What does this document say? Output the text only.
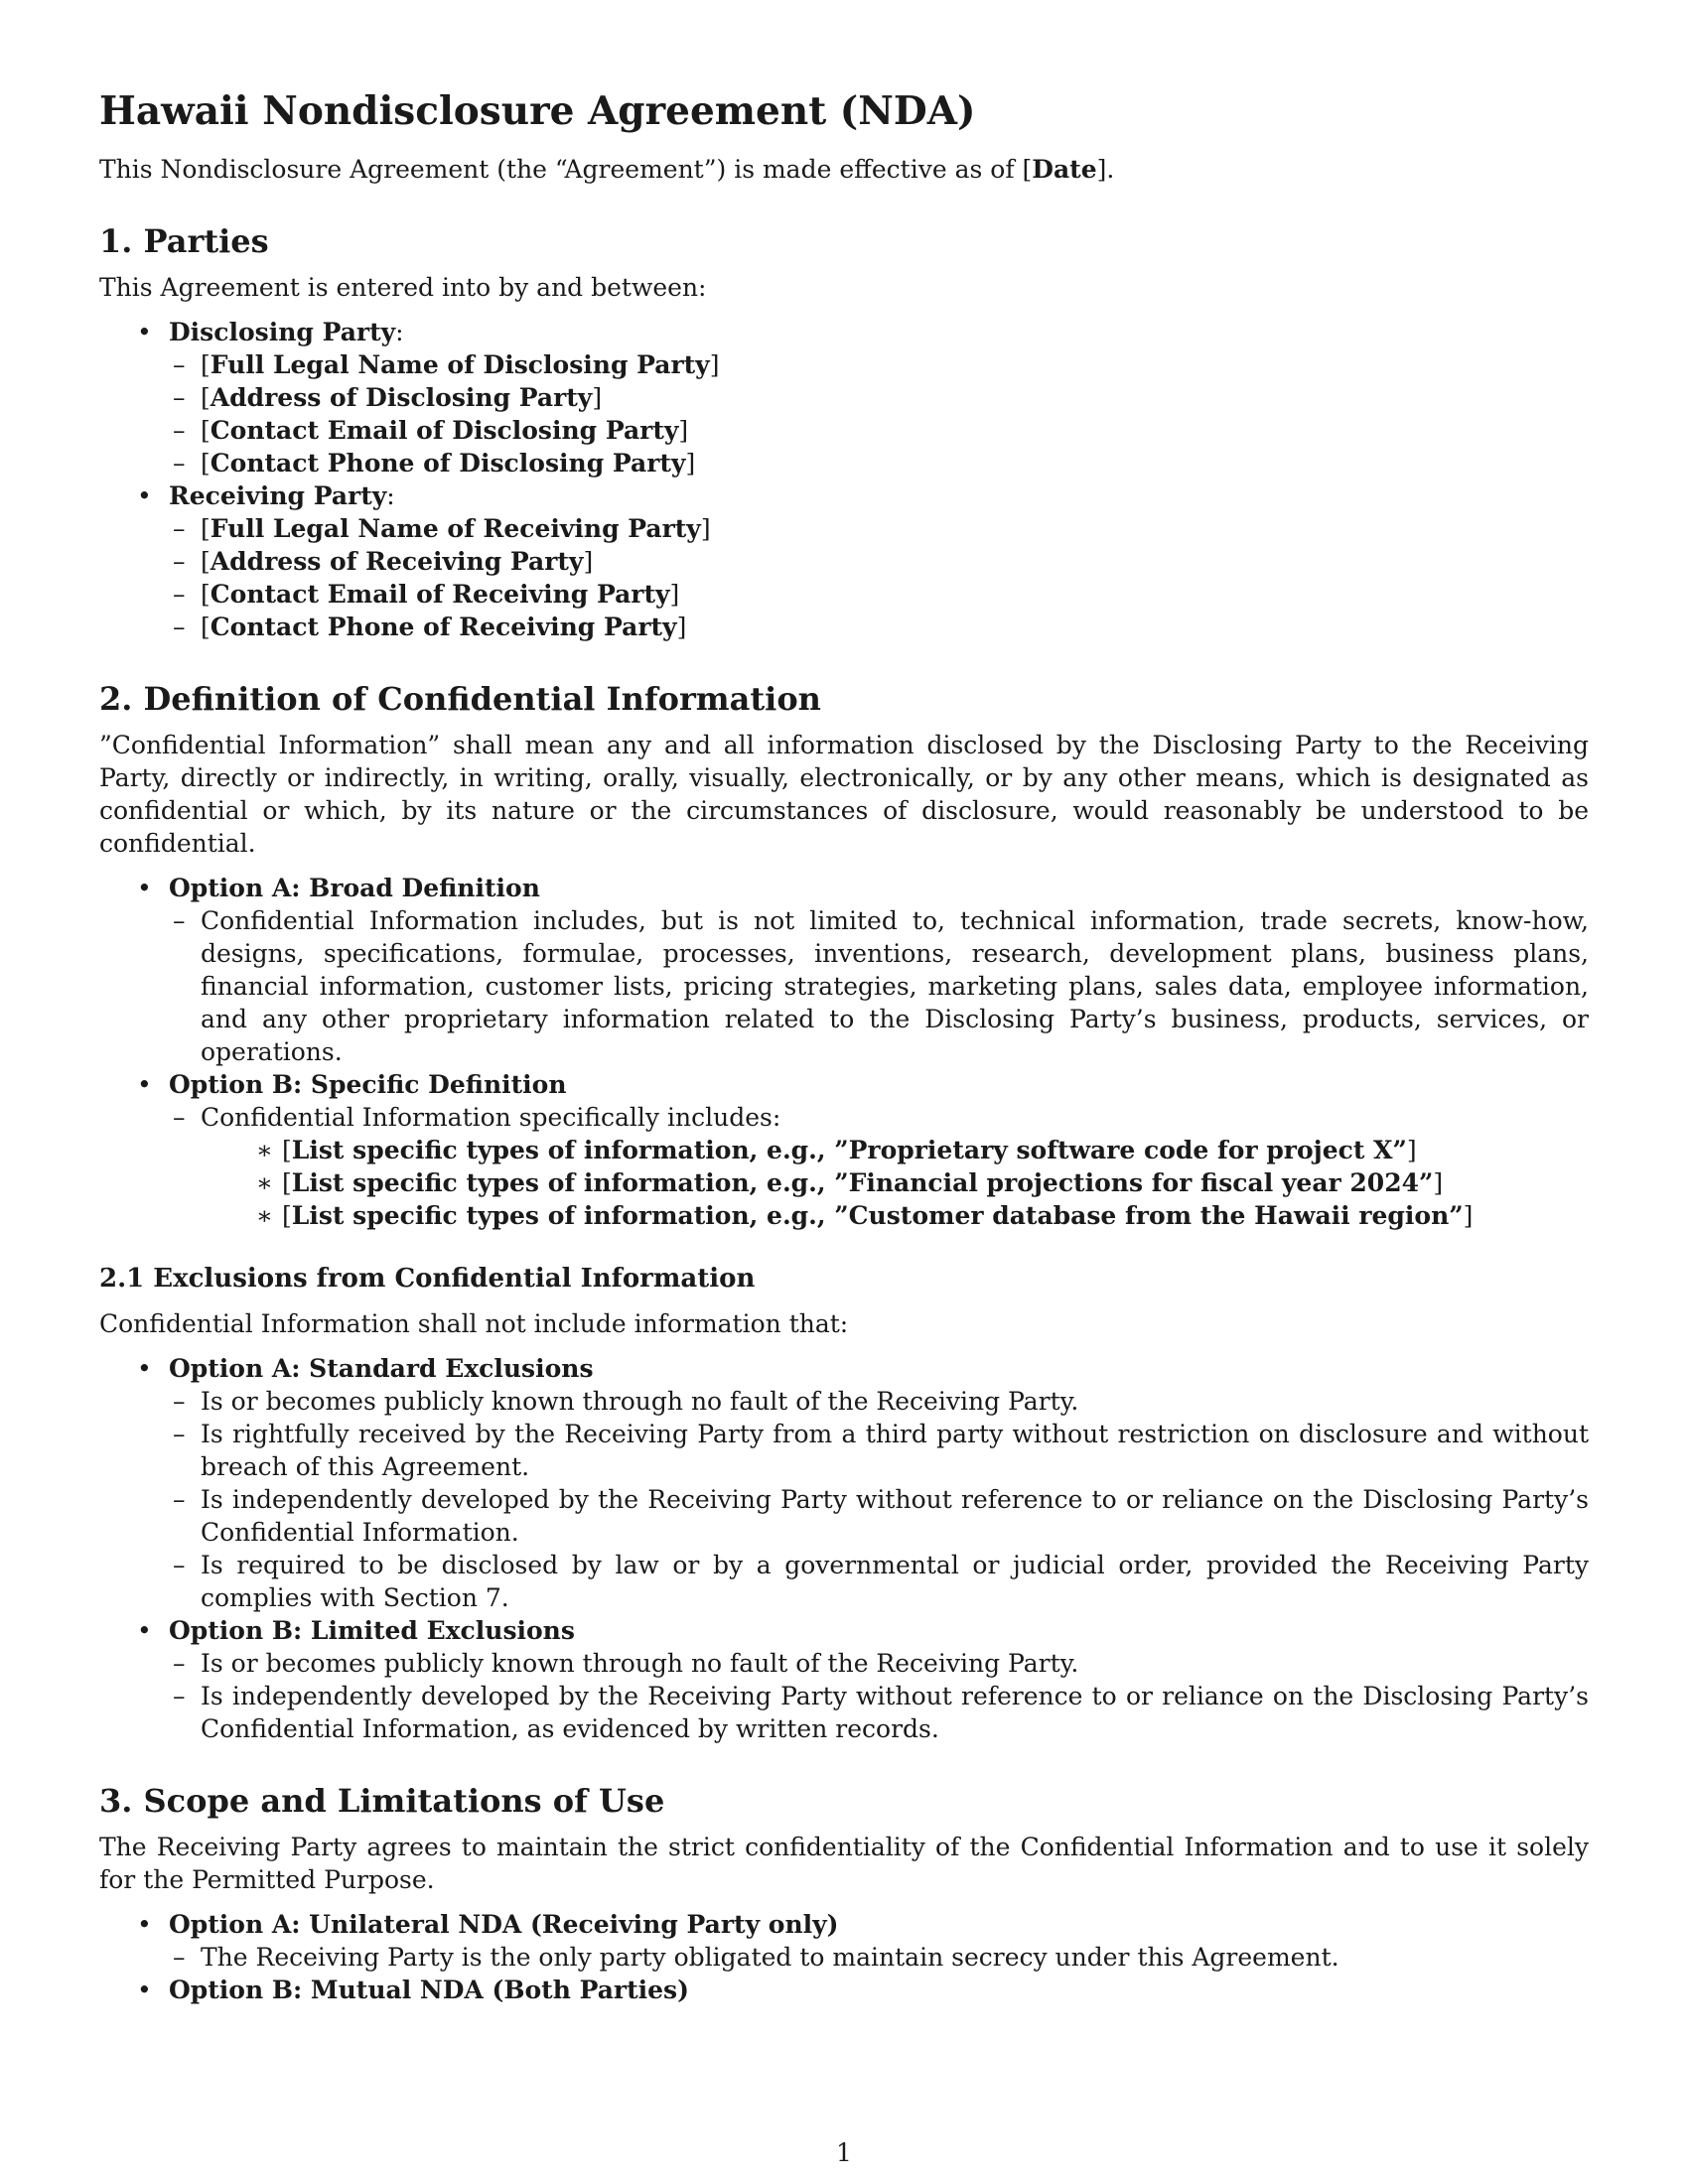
Hawaii Nondisclosure Agreement (NDA)

This Nondisclosure Agreement (the “Agreement”) is made effective as of [Date].

1. Parties

This Agreement is entered into by and between:

• Disclosing Party:
– [Full Legal Name of Disclosing Party]
– [Address of Disclosing Party]
– [Contact Email of Disclosing Party]
– [Contact Phone of Disclosing Party]
• Receiving Party:
– [Full Legal Name of Receiving Party]
– [Address of Receiving Party]
– [Contact Email of Receiving Party]
– [Contact Phone of Receiving Party]
2. Definition of Confidential Information

”Confidential Information” shall mean any and all information disclosed by the Disclosing Party to the Receiving Party, directly or indirectly, in writing, orally, visually, electronically, or by any other means, which is designated as confidential or which, by its nature or the circumstances of disclosure, would reasonably be understood to be confidential.

• Option A: Broad Definition
– Confidential Information includes, but is not limited to, technical information, trade secrets, know-how, designs, specifications, formulae, processes, inventions, research, development plans, business plans, financial information, customer lists, pricing strategies, marketing plans, sales data, employee information, and any other proprietary information related to the Disclosing Party’s business, products, services, or operations.
• Option B: Specific Definition
– Confidential Information specifically includes:
∗ [List specific types of information, e.g., ”Proprietary software code for project X”]
∗ [List specific types of information, e.g., ”Financial projections for fiscal year 2024”]
∗ [List specific types of information, e.g., ”Customer database from the Hawaii region”]
2.1 Exclusions from Confidential Information

Confidential Information shall not include information that:

• Option A: Standard Exclusions
– Is or becomes publicly known through no fault of the Receiving Party.
– Is rightfully received by the Receiving Party from a third party without restriction on disclosure and without breach of this Agreement.
– Is independently developed by the Receiving Party without reference to or reliance on the Disclosing Party’s Confidential Information.
– Is required to be disclosed by law or by a governmental or judicial order, provided the Receiving Party complies with Section 7.
• Option B: Limited Exclusions
– Is or becomes publicly known through no fault of the Receiving Party.
– Is independently developed by the Receiving Party without reference to or reliance on the Disclosing Party’s Confidential Information, as evidenced by written records.
3. Scope and Limitations of Use

The Receiving Party agrees to maintain the strict confidentiality of the Confidential Information and to use it solely for the Permitted Purpose.

• Option A: Unilateral NDA (Receiving Party only)
– The Receiving Party is the only party obligated to maintain secrecy under this Agreement.
• Option B: Mutual NDA (Both Parties)
1
